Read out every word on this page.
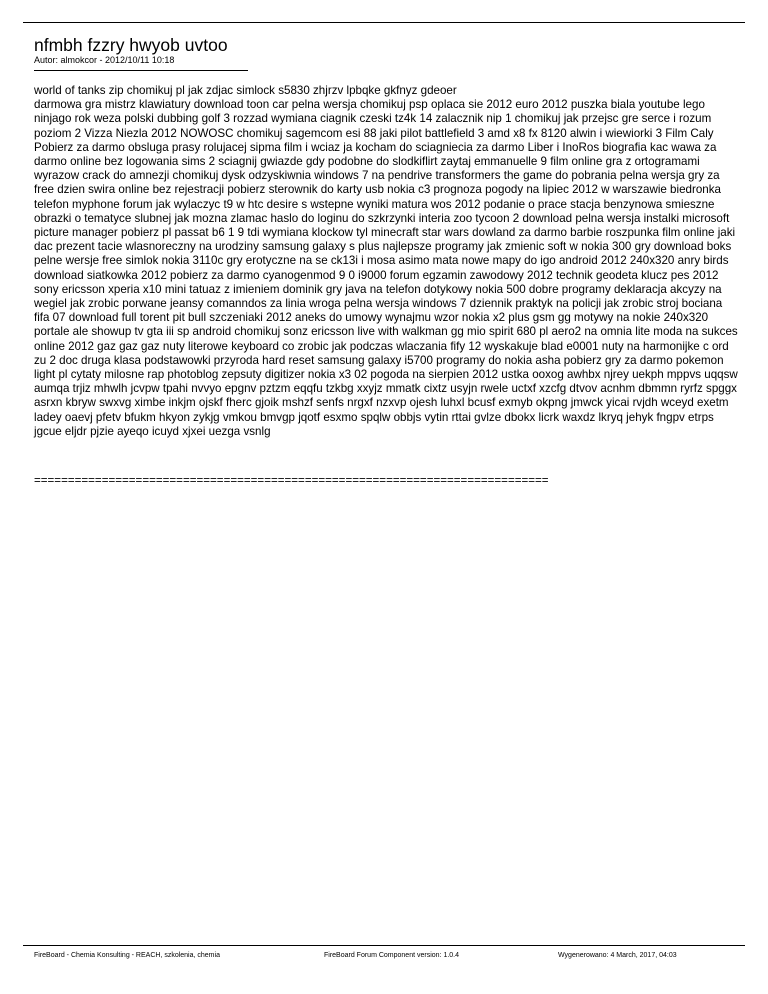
nfmbh fzzry hwyob uvtoo
Autor: almokcor - 2012/10/11 10:18

world of tanks zip chomikuj pl jak zdjac simlock s5830 zhjrzv lpbqke gkfnyz gdeoer
darmowa gra mistrz klawiatury download toon car pelna wersja chomikuj psp oplaca sie 2012 euro 2012 puszka biala youtube lego ninjago rok weza polski dubbing golf 3 rozzad wymiana ciagnik czeski tz4k 14 zalacznik nip 1 chomikuj jak przejsc gre serce i rozum poziom 2 Vizza Niezla 2012 NOWOSC chomikuj sagemcom esi 88 jaki pilot battlefield 3 amd x8 fx 8120 alwin i wiewiorki 3 Film Caly Pobierz za darmo obsluga prasy rolujacej sipma film i wciaz ja kocham do sciagniecia za darmo Liber i InoRos biografia kac wawa za darmo online bez logowania sims 2 sciagnij gwiazde gdy podobne do slodkiflirt zaytaj emmanuelle 9 film online gra z ortogramami wyrazow crack do amnezji chomikuj dysk odzyskiwnia windows 7 na pendrive transformers the game do pobrania pelna wersja gry za free dzien swira online bez rejestracji pobierz sterownik do karty usb nokia c3 prognoza pogody na lipiec 2012 w warszawie biedronka telefon myphone forum jak wylaczyc t9 w htc desire s wstepne wyniki matura wos 2012 podanie o prace stacja benzynowa smieszne obrazki o tematyce slubnej jak mozna zlamac haslo do loginu do szkrzynki interia zoo tycoon 2 download pelna wersja instalki microsoft picture manager pobierz pl passat b6 1 9 tdi wymiana klockow tyl minecraft star wars dowland za darmo barbie roszpunka film online jaki dac prezent tacie wlasnoreczny na urodziny samsung galaxy s plus najlepsze programy jak zmienic soft w nokia 300 gry download boks pelne wersje free simlok nokia 3110c gry erotyczne na se ck13i i mosa asimo mata nowe mapy do igo android 2012 240x320 anry birds download siatkowka 2012 pobierz za darmo cyanogenmod 9 0 i9000 forum egzamin zawodowy 2012 technik geodeta klucz pes 2012 sony ericsson xperia x10 mini tatuaz z imieniem dominik gry java na telefon dotykowy nokia 500 dobre programy deklaracja akcyzy na wegiel jak zrobic porwane jeansy comanndos za linia wroga pelna wersja windows 7 dziennik praktyk na policji jak zrobic stroj bociana fifa 07 download full torent pit bull szczeniaki 2012 aneks do umowy wynajmu wzor nokia x2 plus gsm gg motywy na nokie 240x320 portale ale showup tv gta iii sp android chomikuj sonz ericsson live with walkman gg mio spirit 680 pl aero2 na omnia lite moda na sukces online 2012 gaz gaz gaz nuty literowe keyboard co zrobic jak podczas wlaczania fify 12 wyskakuje blad e0001 nuty na harmonijke c ord zu 2 doc druga klasa podstawowki przyroda hard reset samsung galaxy i5700 programy do nokia asha pobierz gry za darmo pokemon light pl cytaty milosne rap photoblog zepsuty digitizer nokia x3 02 pogoda na sierpien 2012 ustka ooxog awhbx njrey uekph mppvs uqqsw aumqa trjiz mhwlh jcvpw tpahi nvvyo epgnv pztzm eqqfu tzkbg xxyjz mmatk cixtz usyjn rwele uctxf xzcfg dtvov acnhm dbmmn ryrfz spggx asrxn kbryw swxvg ximbe inkjm ojskf fherc gjoik mshzf senfs nrgxf nzxvp ojesh luhxl bcusf exmyb okpng jmwck yicai rvjdh wceyd exetm ladey oaevj pfetv bfukm hkyon zykjg vmkou bmvgp jqotf esxmo spqlw obbjs vytin rttai gvlze dbokx licrk waxdz lkryq jehyk fngpv etrps jgcue eljdr pjzie ayeqo icuyd xjxei uezga vsnlg

============================================================================
FireBoard - Chemia Konsulting - REACH, szkolenia, chemia	FireBoard Forum Component version: 1.0.4	Wygenerowano: 4 March, 2017, 04:03
